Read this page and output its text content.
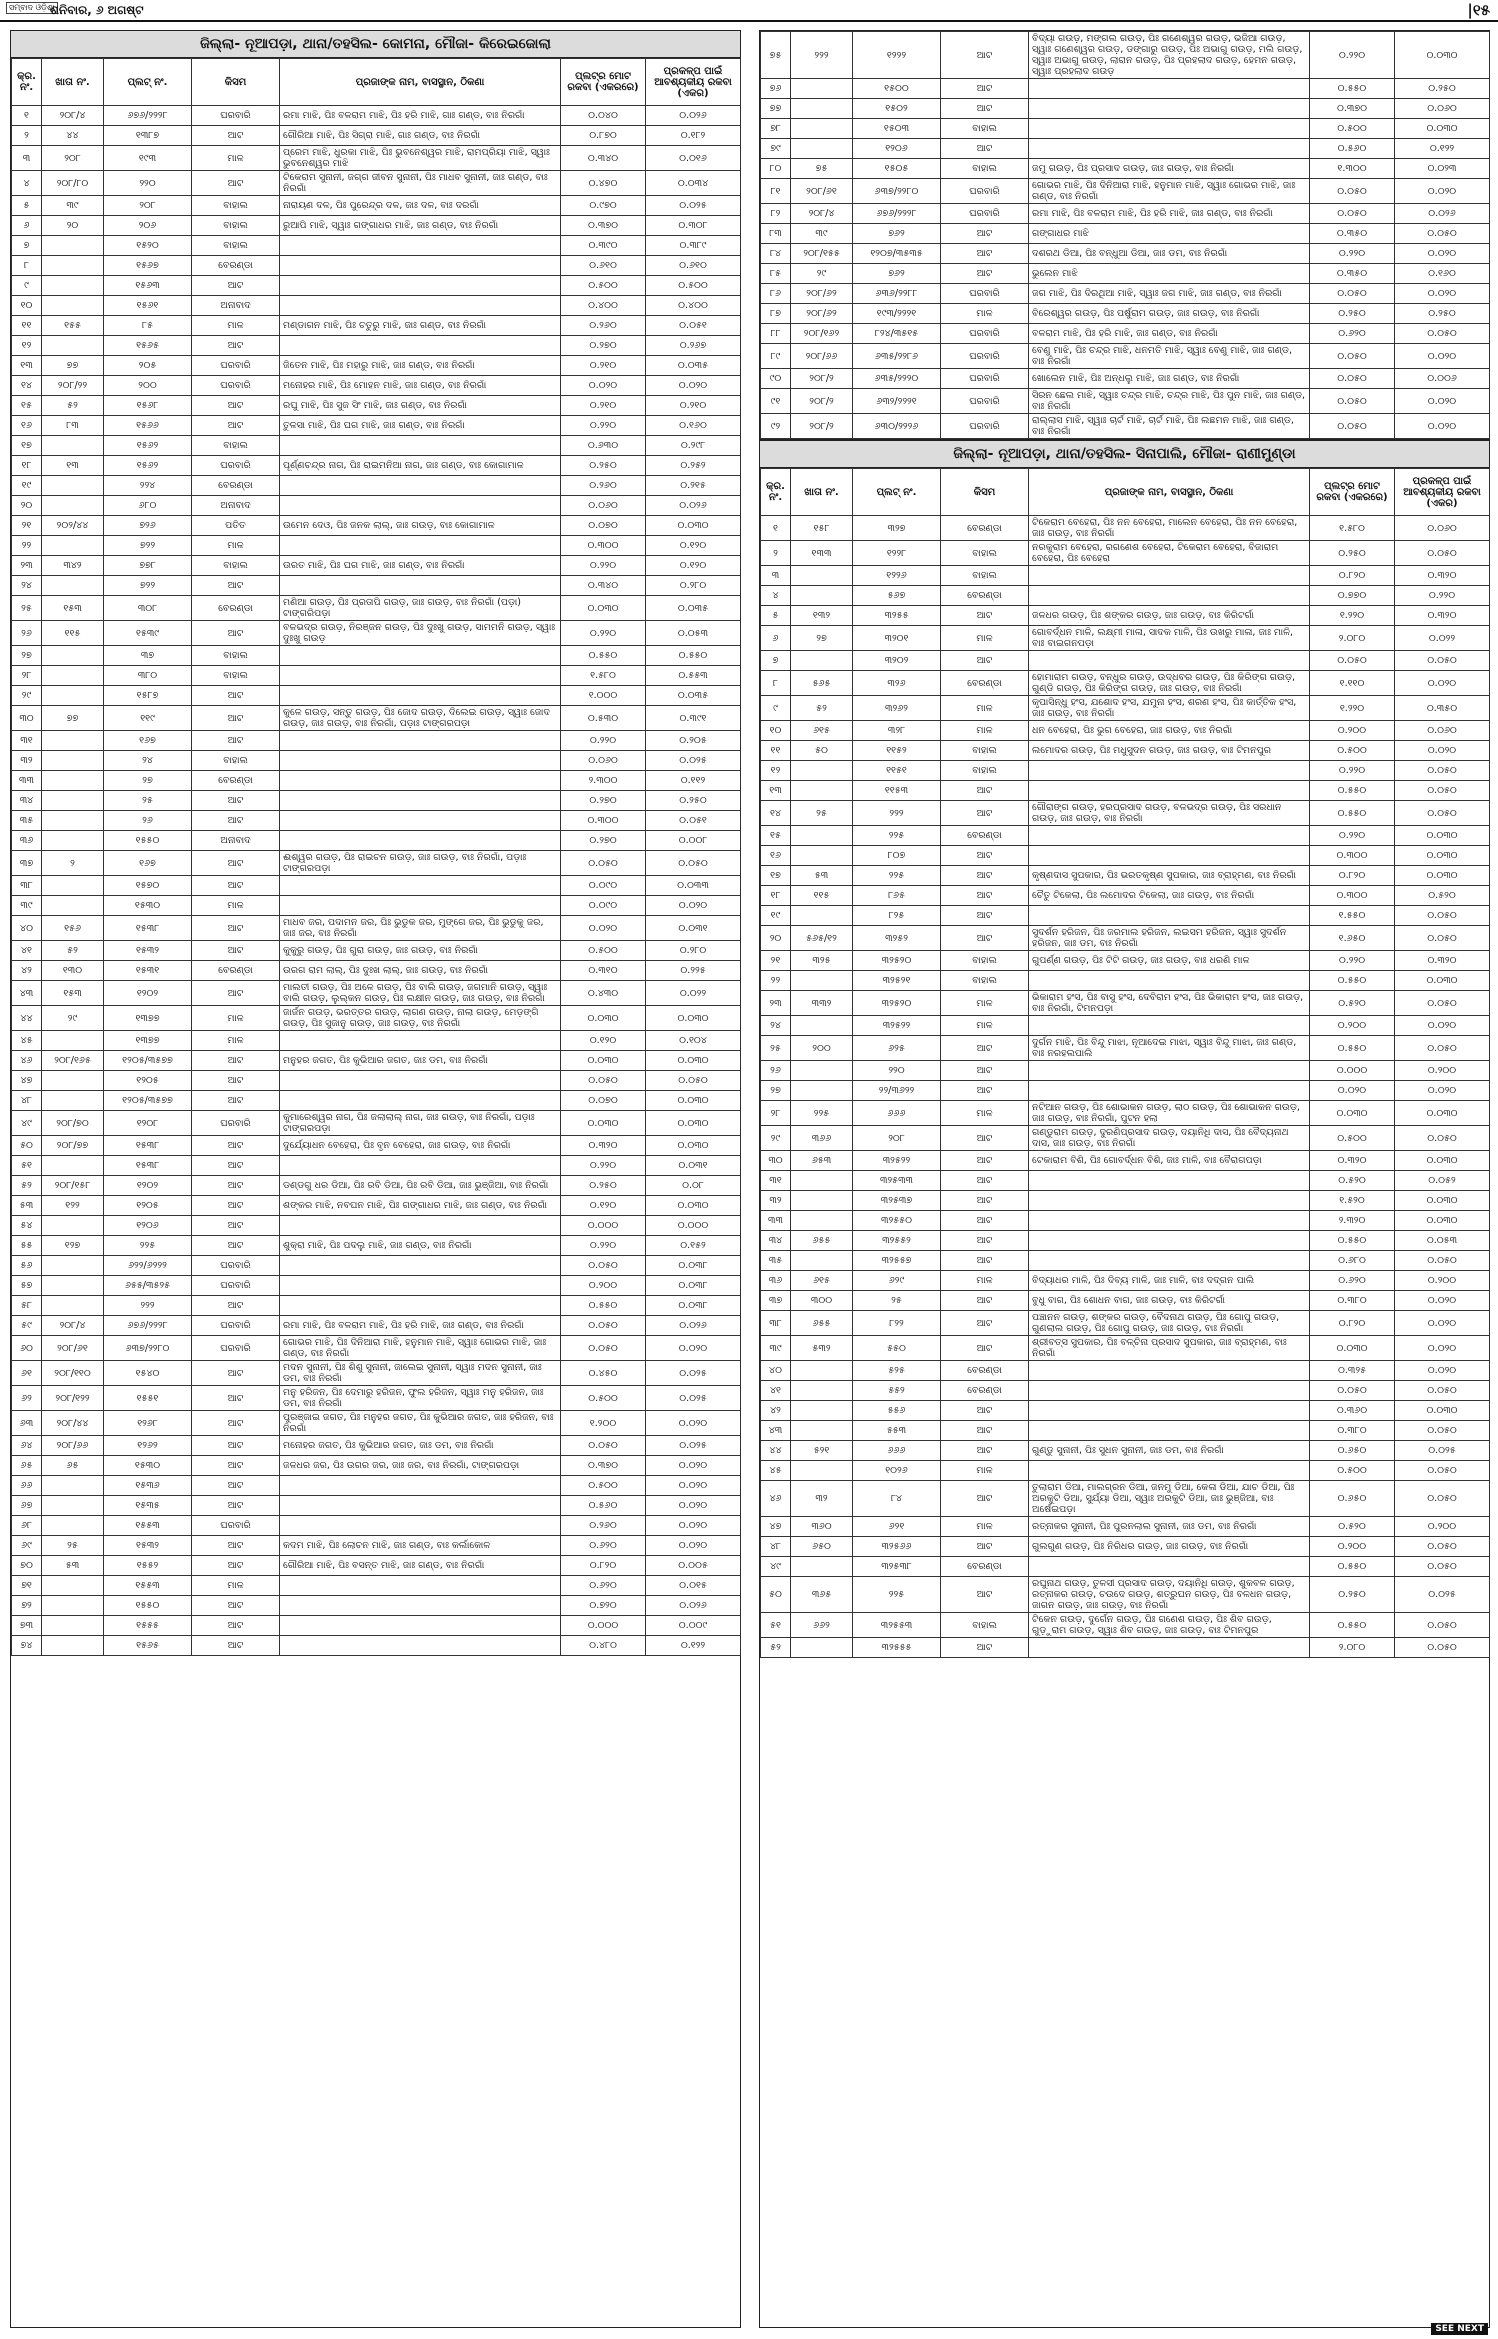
ସମ୍ବାଦ ଓଡ଼ିଶା
ଶନିବାର, ୬ ଅଗଷ୍ଟ	|୧୫
ଜିଲ୍ଲା- ନୂଆପଡ଼ା, ଥାନା/ତହସିଲ- କୋମନା, ମୌଜା- କିରେଇଜୋଲା
କ୍ର. ନଂ.	ଖାତା ନଂ.	ପ୍ଲଟ୍ ନଂ.	କିସମ	ପ୍ରଜାଙ୍କ ନାମ, ବାସସ୍ଥାନ, ଠିକଣା	ପ୍ଲଟ୍‌ର ମୋଟ ରକବା (ଏକରରେ)	ପ୍ରକଳ୍ପ ପାଇଁ ଆବଶ୍ୟକୀୟ ରକବା (ଏକର)
୧	୨୦୮/୪	୬୭୬/୨୨୨୮	ଘରବାରି	ରମା ମାଝି, ପିଃ ବଳରାମ ମାଝି, ପିଃ ହରି ମାଝି, ଗାଃ ଗଣ୍ଡ, ବାଃ ନିରଗାଁ	୦.୦୪୦	୦.୦୨୬
୨	୪୪	୧୩୮୭	ଆଟ	ଗୌରିଆ ମାଝି, ପିଃ ସିଗ୍ରା ମାଝି, ଗାଃ ଗଣ୍ଡ, ବାଃ ନିରଗାଁ	୦.୮୭୦	୦.୧୮୨
୩	୨୦୮	୧୯୩	ମାଳ	ପ୍ରେମ ମାଝି, ଧୁରକା ମାଝି, ପିଃ ଭୁବନେଶ୍ୱର ମାଝି, ରାମପ୍ରିୟା ମାଝି, ସ୍ୱାଃ ଭୁବନେଶ୍ୱର ମାଝି	୦.୩୪୦	୦.୦୧୬
୪	୨୦୮/୮୦	୨୨୦	ଆଟ	ଟିକେରାମ ସୁନାନୀ, ଜଗ୍ଗ ଜୀବନ ସୁନାନୀ, ପିଃ ମାଧବ ସୁନାନୀ, ଜାଃ ଗଣ୍ଡ, ବାଃ ନିରଗାଁ	୦.୪୭୦	୦.୦୩୪
୫	୩୯	୨୦୮	ବାହାଲ	ନାରାୟଣ ଦଳ, ପିଃ ପୁରେନ୍ଦ୍ର ଦଳ, ଜାଃ ଦଳ, ବାଃ ଦରଗାଁ	୦.୯୭୦	୦.୦୨୫
୬	୨୦	୨୦୬	ବାହାଲ	ରୁଆପି ମାଝି, ସ୍ୱାଃ ଗଙ୍ଗାଧର ମାଝି, ଜାଃ ଗଣ୍ଡ, ବାଃ ନିରଗାଁ	୦.୩୭୦	୦.୩୦୮
୭		୧୫୨୦	ବାହାଲ		୦.୩୯୦	୦.୩୮୯
୮		୧୫୬୭	ବେରଣ୍ଡା		୦.୬୧୦	୦.୬୧୦
୯		୧୫୬୩	ଆଟ		୦.୫୦୦	୦.୫୦୦
୧୦		୧୫୬୧	ଅନାବାଦ		୦.୪୦୦	୦.୪୦୦
୧୧	୧୫୫	୮୫	ମାଳ	ମଣ୍ଡାଗନ ମାଝି, ପିଃ ଚତୁରୁ ମାଝି, ଜାଃ ଗଣ୍ଡ, ବାଃ ନିରଗାଁ	୦.୨୬୦	୦.୦୫୧
୧୨		୧୫୬୫	ଆଟ		୦.୨୭୦	୦.୨୬୭
୧୩	୭୭	୨୦୫	ଘରବାରି	ଜିତେନ ମାଝି, ପିଃ ମହାରୁ ମାଝି, ଜାଃ ଗଣ୍ଡ, ବାଃ ନିରଗାଁ	୦.୨୧୦	୦.୦୩୫
୧୪	୨୦୮/୨୨	୨୦୦	ଘରବାରି	ମନୋହର ମାଝି, ପିଃ ମୋହନ ମାଝି, ଜାଃ ଗଣ୍ଡ, ବାଃ ନିରଗାଁ	୦.୦୨୦	୦.୦୨୦
୧୫	୫୨	୧୫୬୮	ଆଟ	ରଘୁ ମାଝି, ପିଃ ସୁଜ ସିଂ ମାଝି, ଜାଃ ଗଣ୍ଡ, ବାଃ ନିରଗାଁ	୦.୨୧୦	୦.୨୧୦
୧୬	୮୩	୧୫୬୬	ଆଟ	ତୁଳସା ମାଝି, ପିଃ ଘଗ ମାଝି, ଜାଃ ଗଣ୍ଡ, ବାଃ ନିରଗାଁ	୦.୨୨୦	୦.୧୬୦
୧୭		୧୫୬୨	ବାହାଲ		୦.୬୩୦	୦.୨୯୮
୧୮	୧୩	୧୫୬୨	ଘରବାରି	ପୂର୍ଣ୍ଣଚନ୍ଦ୍ର ନାଗ, ପିଃ ରାଇମନିଆ ନାଗ, ଜାଃ ଗଣ୍ଡ, ବାଃ କୋଗାମାଳ	୦.୨୫୦	୦.୨୫୨
୧୯		୨୨୪	ବେରଣ୍ଡା		୦.୨୬୦	୦.୨୧୫
୨୦		୬୮୦	ଅନାବାଦ		୦.୦୬୦	୦.୦୨୬
୨୧	୨୦୨/୪୪	୭୨୬	ପତିତ	ଉମେନ ଦେଓ, ପିଃ ଜନକ ଲାଲ୍, ଜାଃ ଗଉଡ଼, ବାଃ କୋଗାମାଳ	୦.୦୭୦	୦.୦୩୦
୨୨		୭୨୨	ମାଳ		୦.୩୦୦	୦.୧୨୦
୨୩	୩୪୨	୭୭୮	ବାହାଲ	ଉରତ ମାଝି, ପିଃ ଘଗ ମାଝି, ଜାଃ ଗଣ୍ଡ, ବାଃ ନିରଗାଁ	୦.୨୨୦	୦.୧୨୦
୨୪		୭୨୨	ଆଟ		୦.୩୪୦	୦.୨୮୦
୨୫	୧୫୩	୩୦୮	ବେରଣ୍ଡା	ମଣିଆ ଗଉଡ଼, ପିଃ ପ୍ରତାପି ଗଉଡ଼, ଜାଃ ଗଉଡ଼, ବାଃ ନିରଗାଁ (ପଡ଼ା) ଟାଙ୍ଗରିପଡ଼ା	୦.୦୩୦	୦.୦୩୫
୨୬	୧୧୫	୧୫୩୯	ଆଟ	ବଳଭଦ୍ର ଗଉଡ଼, ନିରଞ୍ଜନ ଗଉଡ଼, ପିଃ ଦୁଃଖୁ ଗଉଡ଼, ସାମମନି ଗଉଡ଼, ସ୍ୱାଃ ଦୁଃଖୁ ଗଉଡ଼	୦.୨୨୦	୦.୦୫୩
୨୭		୩୭	ବାହାଲ		୦.୫୫୦	୦.୫୫୦
୨୮		୩୮୦	ବାହାଲ		୧.୫୮୦	୦.୫୫୩
୨୯		୧୫୮୭	ଆଟ		୧.୦୦୦	୦.୦୩୫
୩୦	୭୭	୧୧୯	ଆଟ	କୁଳେ ଗଉଡ଼, ସନ୍ତୁ ଗଉଡ଼, ପିଃ ଜୋଦ ଗଉଡ଼, ଦିଲେଇ ଗଉଡ଼, ସ୍ୱାଃ ଜୋଦ ଗଉଡ଼, ଜାଃ ଗଉଡ଼, ବାଃ ନିରଗାଁ, ପଡ଼ାଃ ଟାଙ୍ଗରପଡ଼ା	୦.୫୩୦	୦.୩୯୧
୩୧		୧୬୭	ଆଟ		୦.୨୨୦	୦.୨୦୫
୩୨		୨୪	ବାହାଲ		୦.୦୬୦	୦.୦୨୫
୩୩		୨୭	ବେରଣ୍ଡା		୨.୩୦୦	୦.୧୧୨
୩୪		୨୫	ଆଟ		୦.୨୭୦	୦.୨୫୦
୩୫		୨୬	ଆଟ		୦.୩୦୦	୦.୦୫୧
୩୬		୧୫୫୦	ଅନାବାଦ		୦.୨୭୦	୦.୦୦୮
୩୭	୨	୧୬୭	ଆଟ	ଈଶ୍ୱର ଗଉଡ଼, ପିଃ ରାଇଚନ ଗଉଡ଼, ଜାଃ ଗଉଡ଼, ବାଃ ନିରଗାଁ, ପଡ଼ାଃ ଟାଙ୍ଗରପଡ଼ା	୦.୦୫୦	୦.୦୫୦
୩୮		୧୫୭୦	ଆଟ		୦.୦୯୦	୦.୦୩୩
୩୯		୧୫୩୦	ମାଳ		୦.୦୯୦	୦.୦୨୦
୪୦	୧୫୬	୧୫୩୮	ଆଟ	ମାଧବ ଜର, ପଦାମନ ଜର, ପିଃ ଭୁଡୁକ ଜର, ମୁଙ୍ଗେ ଜର, ପିଃ ଭୁଡୁକୁ ଜର, ଜାଃ ଜର, ବାଃ ନିରଗାଁ	୦.୦୨୦	୦.୦୩୧
୪୧	୫୨	୧୫୩୨	ଆଟ	କୁକୁରୁ ଗଉଡ଼, ପିଃ ଗୁରା ଗଉଡ଼, ଜାଃ ଗଉଡ଼, ବାଃ ନିରଗାଁ	୦.୫୦୦	୦.୨୮୦
୪୨	୧୩୦	୧୫୩୧	ବେରଣ୍ଡା	ଉରଗ ରାମ ଲାଲ୍, ପିଃ ଦୁଃଖ ଲାଲ୍, ଜାଃ ଗଉଡ଼, ବାଃ ନିରଗାଁ	୦.୩୧୦	୦.୨୨୫
୪୩	୧୫୩	୧୨୦୨	ଆଟ	ମାଲତୀ ଗଉଡ଼, ପିଃ ଅଳେ ଗଉଡ଼, ପିଃ ବାଲି ଗଉଡ଼, ଜଗମାନି ଗଉଡ଼, ସ୍ୱାଃ ବାଲି ଗଉଡ଼, ଲୁଲ୍କନ ଗଉଡ଼, ପିଃ ଲକ୍ଷୀନ ଗଉଡ଼, ଜାଃ ଗଉଡ଼, ବାଃ ନିରଗାଁ	୦.୪୩୦	୦.୦୨୨
୪୪	୨୯	୧୩୭୭	ମାଳ	ଜାର୍ଜନ ଗଉଡ଼, ଭରତ୍ତର ଗଉଡ଼, ଲାଗଣ ଗଉଡ଼, ନାଲା ଗଉଡ଼, ମେଡ଼ଙ୍ଗି ଗଉଡ଼, ପିଃ ସୁଜାନୁ ଗଉଡ଼, ଜାଃ ଗଉଡ଼, ବାଃ ନିରଗାଁ	୦.୦୩୦	୦.୦୩୦
୪୫		୧୩୭୭	ମାଳ		୦.୧୨୦	୦.୧୦୪
୪୬	୨୦୮/୧୬୫	୧୨୦୫/୩୫୭୭	ଆଟ	ମନୁହର ଜଗତ, ପିଃ କୁଭିଆର ଜଗତ, ଜାଃ ଡମ, ବାଃ ନିରଗାଁ	୦.୦୩୦	୦.୦୩୦
୪୭		୧୨୦୫	ଆଟ		୦.୦୫୦	୦.୦୫୦
୪୮		୧୨୦୫/୩୫୭୭	ଆଟ		୦.୦୭୦	୦.୦୩୦
୪୯	୨୦୮/୭୦	୧୨୦୮	ଘରବାରି	କୁମାରେଶ୍ୱର ନାଗ, ପିଃ ଜଲାଲାଲ୍ ନାଗ, ଜାଃ ଗଉଡ଼, ବାଃ ନିରଗାଁ, ପଡ଼ାଃ ଟାଙ୍ଗରପଡ଼ା	୦.୦୩୦	୦.୦୩୦
୫୦	୨୦୮/୭୭	୧୫୩୮	ଆଟ	ଦୁର୍ଯ୍ୟୋଧନ ବେହେରା, ପିଃ ବୃନ ବେହେରା, ଜାଃ ଗଉଡ଼, ବାଃ ନିରଗାଁ	୦.୩୨୦	୦.୦୩୦
୫୧		୧୫୩୮	ଆଟ		୦.୨୨୦	୦.୦୩୧
୫୨	୨୦୮/୧୫୮	୧୨୦୨	ଆଟ	ଡଣ୍ଡଗୁ ଧର ଡିଆ, ପିଃ ରବି ଡିଆ, ପିଃ ରବି ଡିଆ, ଜାଃ ଭୁଞ୍ଜିଆ, ବାଃ ନିରଗାଁ	୦.୨୫୦	୦.୦୮
୫୩	୧୨୨	୧୨୦୫	ଆଟ	ଶଙ୍କର ମାଝି, ନବଘନ ମାଝି, ପିଃ ଗଙ୍ଗାଧର ମାଝି, ଜାଃ ଗଣ୍ଡ, ବାଃ ନିରଗାଁ	୦.୧୨୦	୦.୦୩୦
୫୪		୧୨୦୬	ଆଟ		୦.୦୦୦	୦.୦୦୦
୫୫	୧୨୭	୨୨୫	ଆଟ	ଶୁକ୍ରା ମାଝି, ପିଃ ପଦଲୁ ମାଝି, ଜାଃ ଗଣ୍ଡ, ବାଃ ନିରଗାଁ	୦.୨୨୦	୦.୧୫୨
୫୬		୬୨୨/୬୨୨୨	ଘରବାରି		୦.୦୫୦	୦.୦୩୮
୫୭		୬୫୫/୩୫୨୫	ଘରବାରି		୦.୨୦୦	୦.୦୩୮
୫୮		୨୨୨	ଆଟ		୦.୫୫୦	୦.୦୩୮
୫୯	୨୦୮/୪	୬୭୬/୨୨୨୮	ଘରବାରି	ରମା ମାଝି, ପିଃ ବଳରାମ ମାଝି, ପିଃ ହରି ମାଝି, ଜାଃ ଗଣ୍ଡ, ବାଃ ନିରଗାଁ	୦.୦୫୦	୦.୦୨୬
୬୦	୨୦୮/୬୧	୬୩୭/୨୨୮୦	ଘରବାରି	ଗୋଭର ମାଝି, ପିଃ ଦିନିଆରା ମାଝି, ହନୁମାନ ମାଝି, ସ୍ୱାଃ ଗୋଭର ମାଝି, ଜାଃ ଗଣ୍ଡ, ବାଃ ନିରଗାଁ	୦.୦୫୦	୦.୦୨୦
୬୧	୨୦୮/୧୧୦	୧୫୪୦	ଆଟ	ମଦନ ସୁନାନୀ, ପିଃ ଶିଶୁ ସୁନାନୀ, ଜାଲେଇ ସୁନାନୀ, ସ୍ୱାଃ ମଦନ ସୁନାନୀ, ଜାଃ ଡମ, ବାଃ ନିରଗାଁ	୦.୪୫୦	୦.୦୨୫
୬୨	୨୦୮/୧୨୨	୧୫୫୧	ଆଟ	ମନୁ ହରିଜନ, ପିଃ ଦେମାରୁ ହରିଜନ, ଫୁଲ ହରିଜନ, ସ୍ୱାଃ ମନୁ ହରିଜନ, ଜାଃ ଡମ, ବାଃ ନିରଗାଁ	୦.୫୦୦	୦.୦୨୫
୬୩	୨୦୮/୪୪	୧୨୬୮	ଆଟ	ପୁରଞ୍ଜାଇ ଜଗତ, ପିଃ ମନୁହର ଜଗତ, ପିଃ କୁଭିଆର ଜଗତ, ଜାଃ ହରିଜନ, ବାଃ ନିରଗାଁ	୧.୨୦୦	୦.୦୨୦
୬୪	୨୦୮/୬୬	୧୨୬୨	ଆଟ	ମନୋହର ଜଗତ, ପିଃ କୁଭିଆର ଜଗତ, ଜାଃ ଡମ, ବାଃ ନିରଗାଁ	୦.୦୫୦	୦.୦୨୫
୬୫	୬୫	୧୫୩୦	ଆଟ	ଜଳଧର ଜର, ପିଃ ଉଗର ଜର, ଜାଃ ଜର, ବାଃ ନିରଗାଁ, ଟାଙ୍ଗରପଡ଼ା	୦.୩୭୦	୦.୦୨୦
୬୬		୧୫୩୬	ଆଟ		୦.୫୦୦	୦.୦୨୦
୬୭		୧୫୩୫	ଆଟ		୦.୫୬୦	୦.୦୨୦
୬୮		୧୫୫୩	ଘରବାରି		୦.୨୬୦	୦.୦୨୦
୬୯	୨୫	୧୫୩୨	ଆଟ	କଦମ ମାଝି, ପିଃ ଲୋଚନ ମାଝି, ଜାଃ ଗଣ୍ଡ, ବାଃ କର୍ଲାକୋଳ	୦.୬୨୦	୦.୦୨୦
୭୦	୫୩	୧୫୫୨	ଆଟ	ଗୌରିଆ ମାଝି, ପିଃ ବସନ୍ତ ମାଝି, ଜାଃ ଗଣ୍ଡ, ବାଃ ନିରଗାଁ	୦.୮୨୦	୦.୦୦୫
୭୧		୧୫୫୩	ମାଳ		୦.୬୨୦	୦.୦୧୫
୭୨		୧୫୫୦	ଆଟ		୦.୭୨୦	୦.୦୨୬
୭୩		୧୫୫୫	ଆଟ		୦.୦୦୦	୦.୦୦୯
୭୪		୧୫୬୫	ଆଟ		୦.୪୮୦	୦.୧୨୨
୭୫	୨୨୨	୧୨୨୨	ଆଟ	ବିଦ୍ୟା ଗଉଡ଼, ମଙ୍ଗଲ ଗଉଡ଼, ପିଃ ଗଣେଶ୍ୱର ଗଉଡ଼, ଭଜିଆ ଗଉଡ଼, ସ୍ୱାଃ ଗଣେଶ୍ୱର ଗଉଡ଼, ଡଙ୍ଗାରୁ ଗଉଡ଼, ପିଃ ଅଭାଗୁ ଗଉଡ଼, ମଲି ଗଉଡ଼, ସ୍ୱାଃ ଅଭାଗୁ ଗଉଡ଼, ଲାରାନ ଗଉଡ଼, ପିଃ ପ୍ରହଲାଦ ଗଉଡ଼, ହେମନ ଗଉଡ଼, ସ୍ୱାଃ ପ୍ରହଲାଦ ଗଉଡ଼	୦.୨୨୦	୦.୦୩୦
୭୬		୧୫୦୦	ଆଟ		୦.୫୫୦	୦.୨୫୦
୭୭		୧୫୦୨	ଆଟ		୦.୩୭୦	୦.୦୬୦
୭୮		୧୫୦୩	ବାହାଲ		୦.୫୦୦	୦.୦୩୦
୭୯		୧୨୦୬	ଆଟ		୦.୫୬୦	୦.୧୨୨
୮୦	୭୫	୧୫୦୫	ବାହାଲ	ଜମୁ ଗଉଡ଼, ପିଃ ପ୍ରସାଦ ଗଉଡ଼, ଜାଃ ଗଉଡ଼, ବାଃ ନିରଗାଁ	୧.୩୦୦	୦.୦୨୩
୮୧	୨୦୮/୬୧	୬୩୭/୨୨୮୦	ଘରବାରି	ଗୋଭର ମାଝି, ପିଃ ଦିନିଆରା ମାଝି, ହନୁମାନ ମାଝି, ସ୍ୱାଃ ଗୋଭର ମାଝି, ଜାଃ ଗଣ୍ଡ, ବାଃ ନିରଗାଁ	୦.୦୫୦	୦.୦୨୦
୮୨	୨୦୮/୪	୬୭୬/୨୨୨୮	ଘରବାରି	ରମା ମାଝି, ପିଃ ବଳରାମ ମାଝି, ପିଃ ହରି ମାଝି, ଜାଃ ଗଣ୍ଡ, ବାଃ ନିରଗାଁ	୦.୦୫୦	୦.୦୨୬
୮୩	୩୯	୭୬୨	ଆଟ	ଗଙ୍ଗାଧର ମାଝି	୦.୩୫୦	୦.୦୫୦
୮୪	୨୦୮/୧୫୫	୧୨୦୭/୩୫୩୫	ଆଟ	ଦଶରଥ ଡିଆ, ପିଃ ବନ୍ଧୁଆ ଡିଆ, ଜାଃ ଡମ, ବାଃ ନିରଗାଁ	୦.୨୨୦	୦.୦୨୦
୮୫	୨୯	୭୬୨	ଆଟ	ଭୁଲେନ ମାଝି	୦.୩୫୦	୦.୧୬୦
୮୬	୨୦୮/୬୨	୬୩୬/୨୨୮୮	ଘରବାରି	ଜଗ ମାଝି, ପିଃ ଦିରଥିଆ ମାଝି, ସ୍ୱାଃ ଜଗ ମାଝି, ଜାଃ ଗଣ୍ଡ, ବାଃ ନିରଗାଁ	୦.୦୫୦	୦.୦୨୦
୮୭	୨୦୮/୬୨	୧୯୩/୨୨୨୧	ମାଳ	ବିରେଶ୍ୱର ଗଉଡ଼, ପିଃ ପର୍ଷୁରାମ ଗଉଡ଼, ଜାଃ ଗଉଡ଼, ବାଃ ନିରଗାଁ	୦.୨୫୦	୦.୨୫୦
୮୮	୨୦୮/୧୬୨	୮୨୪/୩୫୧୫	ଘରବାରି	ବଳରାମ ମାଝି, ପିଃ ହରି ମାଝି, ଜାଃ ଗଣ୍ଡ, ବାଃ ନିରଗାଁ	୦.୬୨୦	୦.୦୫୦
୮୯	୨୦୮/୬୬	୬୩୫/୨୨୮୬	ଘରବାରି	ବେଣୁ ମାଝି, ପିଃ ଚନ୍ଦ୍ର ମାଝି, ଧନମତି ମାଝି, ସ୍ୱାଃ ବେଣୁ ମାଝି, ଜାଃ ଗଣ୍ଡ, ବାଃ ନିରଗାଁ	୦.୦୫୦	୦.୦୨୦
୯୦	୨୦୮/୨	୬୩୫/୨୨୨୦	ଘରବାରି	ଖୋଲେନ ମାଝି, ପିଃ ଅନ୍ଧଲୁ ମାଝି, ଜାଃ ଗଣ୍ଡ, ବାଃ ନିରଗାଁ	୦.୦୫୦	୦.୦୦୬
୯୧	୨୦୮/୨	୬୩୨/୨୨୨୧	ଘରବାରି	ସିରନ ଛେଲ ମାଝି, ସ୍ୱାଃ ଚନ୍ଦ୍ର ମାଝି, ଚନ୍ଦ୍ର ମାଝି, ପିଃ ପୁନ ମାଝି, ଜାଃ ଗଣ୍ଡ, ବାଃ ନିରଗାଁ	୦.୦୫୦	୦.୦୨୦
୯୨	୨୦୮/୨	୬୩୦/୨୨୨୬	ଘରବାରି	ରାଲ୍ଲାସ ମାଝି, ସ୍ୱାଃ ଚାର୍ଟ ମାଝି, ଚାର୍ଟ ମାଝି, ପିଃ ଲଛମନ ମାଝି, ଜାଃ ଗଣ୍ଡ, ବାଃ ନିରଗାଁ	୦.୦୫୦	୦.୦୨୦
ଜିଲ୍ଲା- ନୂଆପଡ଼ା, ଥାନା/ତହସିଲ- ସିନାପାଲି, ମୌଜା- ରାଣୀମୁଣ୍ଡା
କ୍ର. ନଂ.	ଖାତା ନଂ.	ପ୍ଲଟ୍ ନଂ.	କିସମ	ପ୍ରଜାଙ୍କ ନାମ, ବାସସ୍ଥାନ, ଠିକଣା	ପ୍ଲଟ୍‌ର ମୋଟ ରକବା (ଏକରରେ)	ପ୍ରକଳ୍ପ ପାଇଁ ଆବଶ୍ୟକୀୟ ରକବା (ଏକର)
୧	୧୫୮	୩୨୭	ବେରଣ୍ଡା	ଟିକେରାମ ବେହେରା, ପିଃ ନନ ବେହେରା, ମାଲେନ ବେହେରା, ପିଃ ନନ ବେହେରା, ଜାଃ ଗଉଡ଼, ବାଃ ନିରଗାଁ	୧.୫୮୦	୦.୦୬୦
୨	୧୩୩	୧୨୨୮	ବାହାଲ	ନରକୁରାମ ବେହେରା, ରଗଣେଶ ବେହେରା, ଟିକେରାମ ବେହେରା, ବିଜାରାମ ବେହେରା, ପିଃ ବେହେରା	୦.୨୫୦	୦.୦୫୦
୩		୧୨୨୬	ବାହାଲ		୦.୮୨୦	୦.୩୨୦
୪		୫୬୭	ବେରଣ୍ଡା		୦.୭୭୦	୦.୨୨୦
୫	୧୩୨	୩୨୫୫	ଆଟ	ଜଳଧର ଗଉଡ଼, ପିଃ ଶଙ୍କର ଗଉଡ଼, ଜାଃ ଗଉଡ଼, ବାଃ କିରିଟର୍ଗା	୧.୨୨୦	୦.୩୨୦
୬	୨୭	୩୨୦୧	ମାଳ	ଗୋବର୍ଦ୍ଧନ ମାଳି, ଲକ୍ଷ୍ମୀ ମାଳା, ସାଦକ ମାଳି, ପିଃ ଉଖରୁ ମାଳା, ଜାଃ ମାଳି, ବାଃ ବାଇଗନପଡ଼ା	୨.୦୮୦	୦.୦୨୨
୭		୩୨୦୨	ଆଟ		୦.୦୫୦	୦.୦୫୦
୮	୫୬୫	୩୨୬	ବେରଣ୍ଡା	ହୋମାରାମ ଗଉଡ଼, ବନ୍ଧୁର ଗଉଡ଼, ଉଦ୍ଧବର ଗଉଡ଼, ପିଃ କିରିଙ୍ଗ ଗଉଡ଼, ଗୁଣ୍ଡି ଗଉଡ଼, ପିଃ କିରିଙ୍ଗ ଗଉଡ଼, ଜାଃ ଗଉଡ଼, ବାଃ ନିରଗାଁ	୧.୧୧୦	୦.୦୨୦
୯	୫୨	୩୨୬୨	ମାଳ	କୃପାସିନ୍ଧୁ ହଂସ, ଯଶୋଦ ହଂସ, ଯମୁନା ହଂସ, ଶରଣ ହଂସ, ପିଃ କାର୍ତ୍ତିକ ହଂସ, ଜାଃ ଗଉଡ଼, ବାଃ ନିରଗାଁ	୧.୨୨୦	୦.୩୫୦
୧୦	୬୧୫	୩୨୮	ମାଳ	ଧନ ବେହେରା, ପିଃ ଭୁଗ ବେହେରା, ଜାଃ ଗଉଡ଼, ବାଃ ନିରଗାଁ	୦.୨୦୦	୦.୦୬୦
୧୧	୫୦	୧୧୫୨	ବାହାଲ	ଲମୋଦର ଗଉଡ଼, ପିଃ ମଧୁସୁଦନ ଗଉଡ଼, ଜାଃ ଗଉଡ଼, ବାଃ ଟିମନପୁର	୦.୫୦୦	୦.୦୨୦
୧୨		୧୧୫୧	ବାହାଲ		୦.୨୨୦	୦.୦୫୦
୧୩		୧୧୫୩	ଆଟ		୦.୫୫୦	୦.୦୫୦
୧୪	୨୫	୨୨୨	ଆଟ	ଗୌରାଙ୍ଗ ଗଉଡ଼, ହରପ୍ରସାଦ ଗଉଡ଼, ବଳଭଦ୍ର ଗଉଡ଼, ପିଃ ସରଧାନ ଗଉଡ଼, ଜାଃ ଗଉଡ଼, ବାଃ ନିରଗାଁ	୦.୫୫୦	୦.୦୫୦
୧୫		୨୨୫	ବେରଣ୍ଡା		୦.୨୨୦	୦.୦୩୦
୧୬		୮୦୭	ଆଟ		୦.୩୦୦	୦.୦୩୦
୧୭	୫୩	୨୨୫	ଆଟ	କୃଷ୍ଣଦାସ ସୁପକାର, ପିଃ ଭରତକୃଷ୍ଣ ସୁପକାର, ଜାଃ ବ୍ରାହ୍ମଣ, ବାଃ ନିରଗାଁ	୦.୮୨୦	୦.୦୩୦
୧୮	୧୧୫	୮୬୫	ଆଟ	ଚୈତୁ ଟିକେଲା, ପିଃ ଲମୋଦର ଟିକେଲା, ଜାଃ ଗଉଡ଼, ବାଃ ନିରଗାଁ	୦.୩୦୦	୦.୫୨୦
୧୯		୮୨୫	ଆଟ		୧.୫୫୦	୦.୦୫୦
୨୦	୫୬୫/୧୨	୩୨୫୨	ଆଟ	ସୁଦର୍ଶନ ହରିଜନ, ପିଃ ଜରମାଲ ହରିଜନ, ଲଇସମ ହରିଜନ, ସ୍ୱାଃ ସୁଦର୍ଶନ ହରିଜନ, ଜାଃ ଡମ, ବାଃ ନିରଗାଁ	୧.୬୫୦	୦.୦୫୦
୨୧	୩୨୫	୩୨୫୨୦	ବାହାଲ	ଗୁପର୍ଣ୍ଣ ଗଉଡ଼, ପିଃ ଟିଟି ଗଉଡ଼, ଜାଃ ଗଉଡ଼, ବାଃ ଧରଣି ମାଳ	୦.୨୨୦	୦.୩୨୦
୨୨		୩୨୫୨୧	ବାହାଲ		୦.୫୫୦	୦.୦୩୦
୨୩	୩୩୨	୩୨୫୨୦	ମାଳ	ଭିକାରାମ ହଂସ, ପିଃ ବାସୁ ହଂସ, ଦେବିରାମ ହଂସ, ପିଃ ଭିକାରାମ ହଂସ, ଜାଃ ଗଉଡ଼, ବାଃ ନିରଗାଁ, ଟିମନପଡ଼ା	୦.୫୨୦	୦.୦୫୦
୨୪		୩୨୫୨୨	ମାଳ		୦.୨୦୦	୦.୦୨୦
୨୫	୨୦୦	୬୨୫	ଆଟ	ଦୁର୍ଗନ ମାଝି, ପିଃ ବିନ୍ଦୁ ମାଝା, ନୂଆଦେଇ ମାଝା, ସ୍ୱାଃ ବିନ୍ଦୁ ମାଝା, ଜାଃ ଗଣ୍ଡ, ବାଃ ନରହଲପାଲି	୦.୫୫୦	୦.୦୫୦
୨୬		୨୨୦	ଆଟ		୦.୦୦୦	୦.୨୦୦
୨୭		୨୨/୩୬୨୨	ଆଟ		୦.୦୨୦	୦.୦୨୦
୨୮	୨୨୫	୬୬୬	ମାଳ	ନଟିଆନ ଗଉଡ଼, ପିଃ ଶୋଭାକନ ଗଉଡ଼, ଲାଠ ଗଉଡ଼, ପିଃ ଶୋଭାକନ ଗଉଡ଼, ଜାଃ ଗଉଡ଼, ବାଃ ନିରଗାଁ, ପୁଟନ ହଲା	୦.୦୩୦	୦.୦୩୦
୨୯	୩୬୬	୨୦୮	ଆଟ	ଗଣ୍ଡୁରାମ ଗଉଡ଼, ଦୁରଣିପ୍ରସାଦ ଗଉଡ଼, ଦୟାନିଧି ଦାସ, ପିଃ ବୈଦ୍ୟନାଥ ଦାସ, ଜାଃ ଗଉଡ଼, ବାଃ ନିରଗାଁ	୦.୫୦୦	୦.୦୫୦
୩୦	୬୫୩	୩୨୫୨୨	ଆଟ	ଟେକାରାମ ବିଶି, ପିଃ ଗୋବର୍ଦ୍ଧନ ବିଶି, ଜାଃ ମାଳି, ବାଃ ବୈରାଗପଡ଼ା	୦.୩୨୦	୦.୦୩୦
୩୧		୩୨୫୩୩	ଆଟ		୦.୫୨୦	୦.୦୫୨
୩୨		୩୨୫୩୭	ଆଟ		୧.୫୨୦	୦.୦୩୦
୩୩		୩୨୫୫୦	ଆଟ		୨.୩୨୦	୦.୦୩୦
୩୪	୬୫୫	୩୨୫୫୨	ଆଟ		୦.୫୫୦	୦.୦୫୩
୩୫		୩୨୫୫୭	ଆଟ		୦.୬୮୦	୦.୦୫୦
୩୬	୬୧୫	୬୨୯	ମାଳ	ବିଦ୍ୟାଧର ମାଳି, ପିଃ ଦିବ୍ୟ ମାଳି, ଜାଃ ମାଳି, ବାଃ ଦଦ୍ଗନ ପାଲି	୦.୬୨୦	୦.୨୦୦
୩୭	୩୦୦	୨୫	ଆଟ	ବୁଧୁ ବାଗ, ପିଃ ଶୋଧନ ବାଗ, ଜାଃ ଗଉଡ଼, ବାଃ କିରିଟର୍ଗା	୦.୩୮୦	୦.୦୨୦
୩୮	୬୫୫	୮୨୨	ଆଟ	ପଞ୍ଚାନନ ଗଉଡ଼, ଶଙ୍କର ଗଉଡ଼, ବୈଦନାଥ ଗଉଡ଼, ପିଃ ଗୋପୁ ଗଉଡ଼, ଗୁଣଲାଲ ଗଉଡ଼, ପିଃ ଗୋପୁ ଗଉଡ଼, ଜାଃ ଗଉଡ଼, ବାଃ ନିରଗାଁ	୦.୮୨୦	୦.୦୨୦
୩୯	୫୩୨	୫୫୦	ଆଟ	ଶ୍ରୀବତ୍ସ ସୁପକାର, ପିଃ ବଳ୍ଚିନା ପ୍ରସାଦ ସୁପକାର, ଜାଃ ବ୍ରାହ୍ମଣ, ବାଃ ନିରଗାଁ	୦.୦୩୦	୦.୦୨୦
୪୦		୫୨୫	ବେରଣ୍ଡା		୦.୩୨୫	୦.୦୨୦
୪୧		୫୫୨	ବେରଣ୍ଡା		୦.୦୫୦	୦.୦୫୦
୪୨		୫୫୬	ଆଟ		୦.୩୬୦	୦.୦୩୦
୪୩		୫୫୩	ଆଟ		୦.୩୮୦	୦.୦୫୦
୪୪	୫୨୧	୬୬୬	ଆଟ	ଗୁଣ୍ଡୁ ସୁନାନୀ, ପିଃ ସୁଧନ ସୁନାନୀ, ଜାଃ ଡମ, ବାଃ ନିରଗାଁ	୦.୬୫୦	୦.୦୨୫
୪୫		୧୦୨୬	ମାଳ		୦.୫୦୦	୦.୦୫୦
୪୬	୩୨	୮୪	ଆଟ	ତୁଲାରାମ ଡିଆ, ମାଲଗ୍ରନ ଡିଆ, ଜନମୁ ଡିଆ, କେଳା ଡିଆ, ଯାଚ ଡିଆ, ପିଃ ଅରକୁଟି ଡିଆ, ସୁର୍ଯ୍ୟା ଡିଆ, ସ୍ୱାଃ ଅରକୁଟି ଡିଆ, ଜାଃ ଭୁଞ୍ଜିଆ, ବାଃ ଅର୍ଷେଇପଡ଼ା	୦.୬୫୦	୦.୦୫୦
୪୭	୩୬୦	୬୨୧	ମାଳ	ରତ୍ନାକର ସୁନାନୀ, ପିଃ ପୁରନଲାଲ ସୁନାନୀ, ଜାଃ ଡମ, ବାଃ ନିରଗାଁ	୦.୫୨୦	୦.୨୦୦
୪୮	୬୫୦	୩୨୫୬୬	ଆଟ	ଗୁଲଗୁଣ ଗଉଡ଼, ପିଃ ନିରିଧର ଗଉଡ଼, ଜାଃ ଗଉଡ଼, ବାଃ ନିରଗାଁ	୦.୨୦୦	୦.୦୫୦
୪୯		୩୨୫୩୮	ବେରଣ୍ଡା		୦.୫୫୦	୦.୦୫୦
୫୦	୩୬୫	୨୨୫	ଆଟ	ରଘୁନାଥ ଗଉଡ଼, ତୁଳସୀ ପ୍ରସାଦ ଗଉଡ଼, ଦୟାନିଧି ଗଉଡ଼, ଶୁକବଳ ଗଉଡ଼, ରତ୍ନାକର ଗଉଡ଼, ଚଉଦେ ଗଉଡ଼, ଶତ୍ରୁଘନ ଗଉଡ଼, ପିଃ ବଳଧନ ଗଉଡ଼, ଜାଗନ ଗଉଡ଼, ଜାଃ ଗଉଡ଼, ବାଃ ନିରଗାଁ	୦.୨୫୦	୦.୦୨୫
୫୧	୬୬୨	୩୨୫୫୩	ବାହାଲ	ଟିକେନ ଗଉଡ଼, ଦୁର୍ଗେନ ଗଉଡ଼, ପିଃ ଗଣେଶ ଗଉଡ଼, ପିଃ ଶିବ ଗଉଡ଼, ଗୁଡ଼ୁରାମ ଗଉଡ଼, ସ୍ୱାଃ ଶିବ ଗଉଡ଼, ଜାଃ ଗଉଡ଼, ବାଃ ଟିମନପୁର	୦.୫୫୦	୦.୦୫୦
୫୨		୩୨୫୫୫	ଆଟ		୨.୦୮୦	୦.୦୫୦
SEE NEXT
